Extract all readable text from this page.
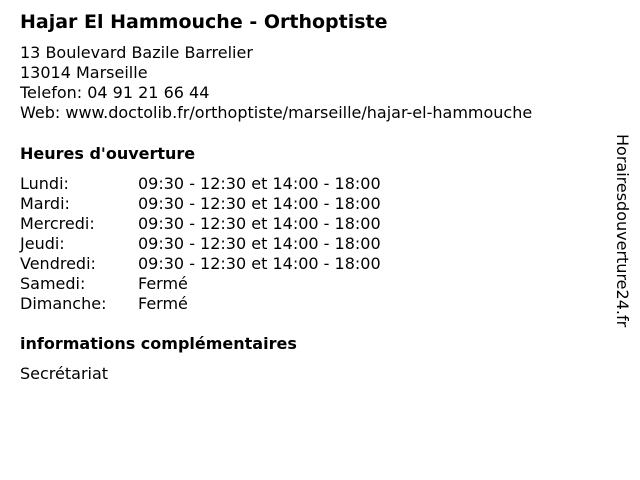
Hajar El Hammouche - Orthoptiste
13 Boulevard Bazile Barrelier
13014 Marseille
Telefon: 04 91 21 66 44
Web: www.doctolib.fr/orthoptiste/marseille/hajar-el-hammouche
Heures d'ouverture
Lundi:	09:30 - 12:30 et 14:00 - 18:00
Mardi:	09:30 - 12:30 et 14:00 - 18:00
Mercredi:	09:30 - 12:30 et 14:00 - 18:00
Jeudi:	09:30 - 12:30 et 14:00 - 18:00
Vendredi:	09:30 - 12:30 et 14:00 - 18:00
Samedi:	Fermé
Dimanche: Fermé
informations complémentaires
Secrétariat
Horairesdouverture24.fr
